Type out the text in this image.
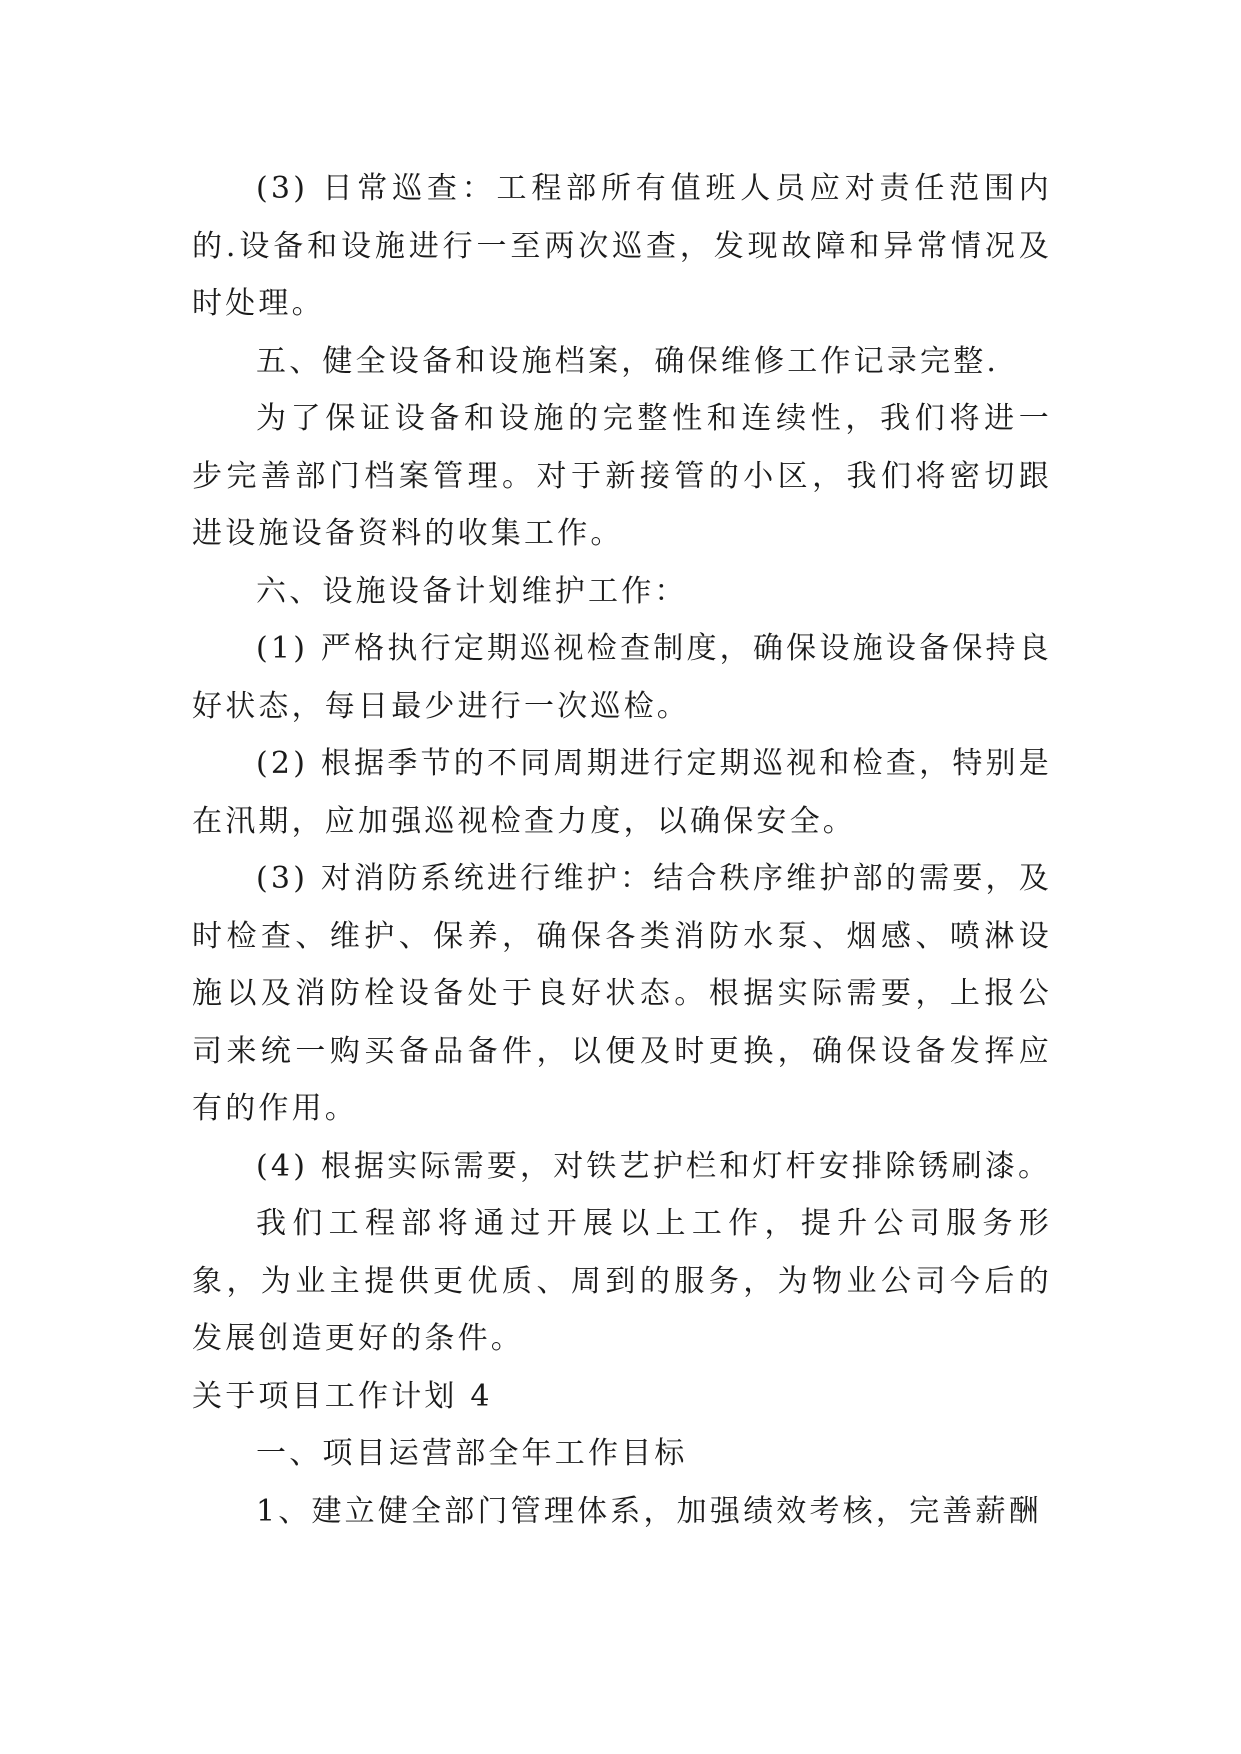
(3) 日常巡查：工程部所有值班人员应对责任范围内的.设备和设施进行一至两次巡查，发现故障和异常情况及时处理。

五、健全设备和设施档案，确保维修工作记录完整.

为了保证设备和设施的完整性和连续性，我们将进一步完善部门档案管理。对于新接管的小区，我们将密切跟进设施设备资料的收集工作。

六、设施设备计划维护工作：

(1) 严格执行定期巡视检查制度，确保设施设备保持良好状态，每日最少进行一次巡检。

(2) 根据季节的不同周期进行定期巡视和检查，特别是在汛期，应加强巡视检查力度，以确保安全。

(3) 对消防系统进行维护：结合秩序维护部的需要，及时检查、维护、保养，确保各类消防水泵、烟感、喷淋设施以及消防栓设备处于良好状态。根据实际需要，上报公司来统一购买备品备件，以便及时更换，确保设备发挥应有的作用。

(4) 根据实际需要，对铁艺护栏和灯杆安排除锈刷漆。

我们工程部将通过开展以上工作，提升公司服务形象，为业主提供更优质、周到的服务，为物业公司今后的发展创造更好的条件。

关于项目工作计划 4

一、项目运营部全年工作目标

1、建立健全部门管理体系，加强绩效考核，完善薪酬
